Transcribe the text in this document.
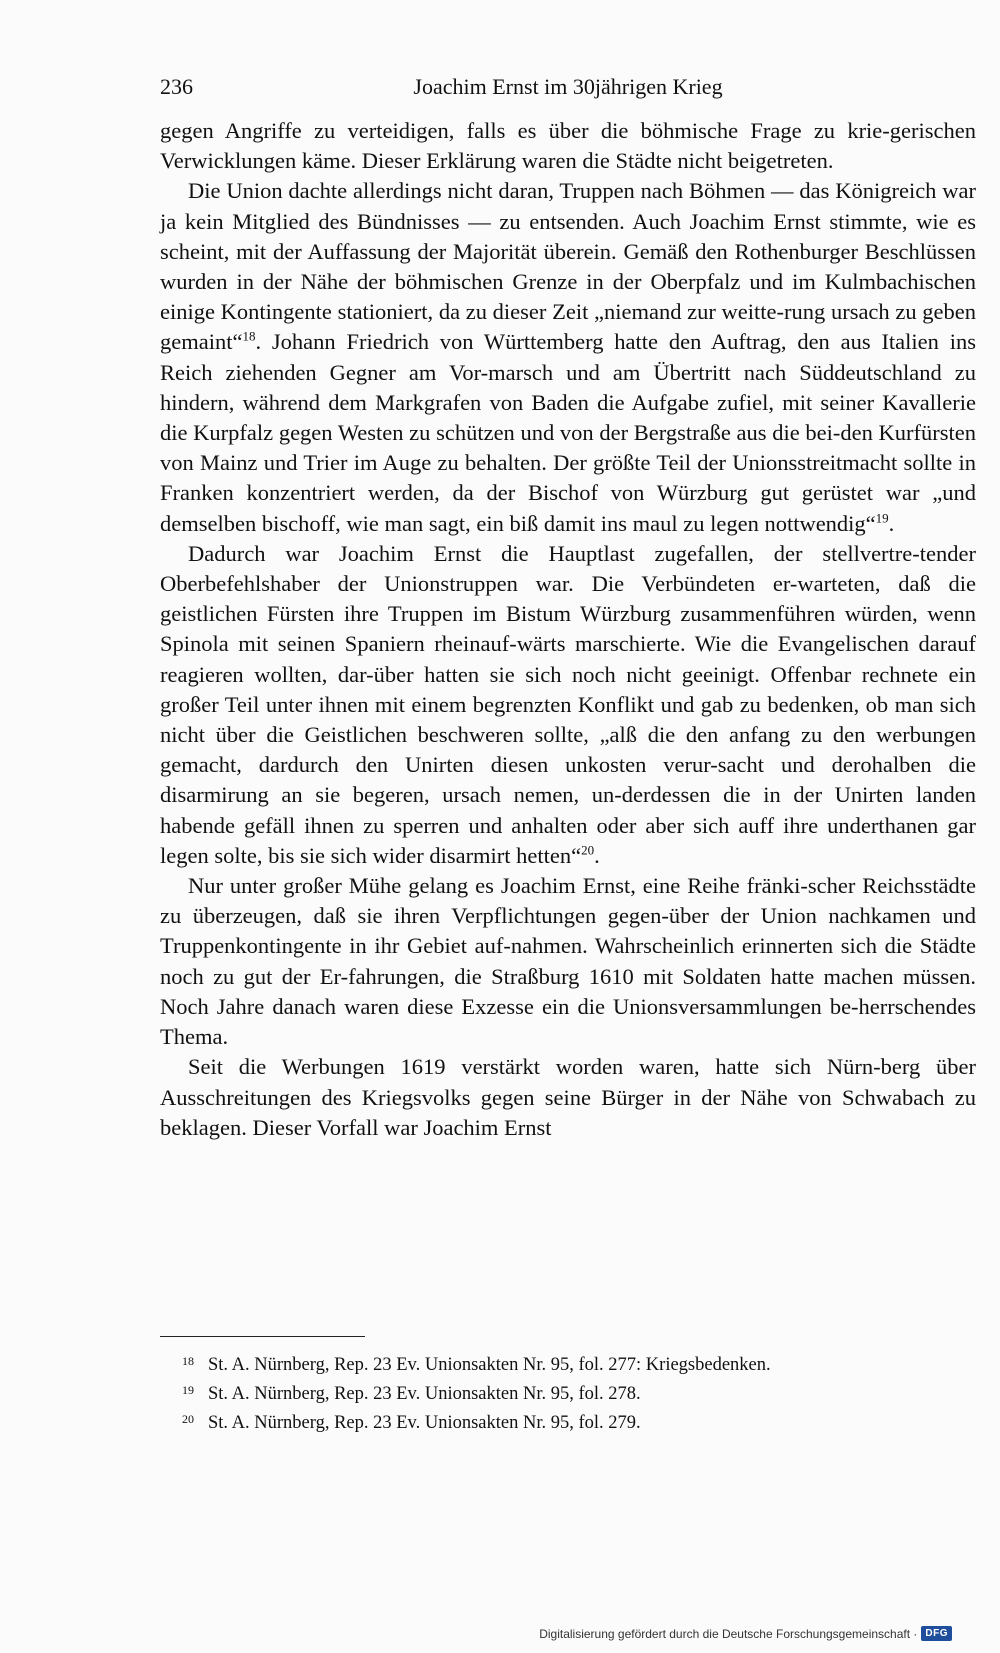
236	Joachim Ernst im 30jährigen Krieg

gegen Angriffe zu verteidigen, falls es über die böhmische Frage zu krie-gerischen Verwicklungen käme. Dieser Erklärung waren die Städte nicht beigetreten.

Die Union dachte allerdings nicht daran, Truppen nach Böhmen — das Königreich war ja kein Mitglied des Bündnisses — zu entsenden. Auch Joachim Ernst stimmte, wie es scheint, mit der Auffassung der Majorität überein. Gemäß den Rothenburger Beschlüssen wurden in der Nähe der böhmischen Grenze in der Oberpfalz und im Kulmbachischen einige Kontingente stationiert, da zu dieser Zeit „niemand zur weitte-rung ursach zu geben gemaint“$^{18}$. Johann Friedrich von Württemberg hatte den Auftrag, den aus Italien ins Reich ziehenden Gegner am Vor-marsch und am Übertritt nach Süddeutschland zu hindern, während dem Markgrafen von Baden die Aufgabe zufiel, mit seiner Kavallerie die Kurpfalz gegen Westen zu schützen und von der Bergstraße aus die bei-den Kurfürsten von Mainz und Trier im Auge zu behalten. Der größte Teil der Unionsstreitmacht sollte in Franken konzentriert werden, da der Bischof von Würzburg gut gerüstet war „und demselben bischoff, wie man sagt, ein biß damit ins maul zu legen nottwendig“$^{19}$.

Dadurch war Joachim Ernst die Hauptlast zugefallen, der stellvertre-tender Oberbefehlshaber der Unionstruppen war. Die Verbündeten er-warteten, daß die geistlichen Fürsten ihre Truppen im Bistum Würzburg zusammenführen würden, wenn Spinola mit seinen Spaniern rheinauf-wärts marschierte. Wie die Evangelischen darauf reagieren wollten, dar-über hatten sie sich noch nicht geeinigt. Offenbar rechnete ein großer Teil unter ihnen mit einem begrenzten Konflikt und gab zu bedenken, ob man sich nicht über die Geistlichen beschweren sollte, „alß die den anfang zu den werbungen gemacht, dardurch den Unirten diesen unkosten verur-sacht und derohalben die disarmirung an sie begeren, ursach nemen, un-derdessen die in der Unirten landen habende gefäll ihnen zu sperren und anhalten oder aber sich auff ihre underthanen gar legen solte, bis sie sich wider disarmirt hetten“$^{20}$.

Nur unter großer Mühe gelang es Joachim Ernst, eine Reihe fränki-scher Reichsstädte zu überzeugen, daß sie ihren Verpflichtungen gegen-über der Union nachkamen und Truppenkontingente in ihr Gebiet auf-nahmen. Wahrscheinlich erinnerten sich die Städte noch zu gut der Er-fahrungen, die Straßburg 1610 mit Soldaten hatte machen müssen. Noch Jahre danach waren diese Exzesse ein die Unionsversammlungen be-herrschendes Thema.

Seit die Werbungen 1619 verstärkt worden waren, hatte sich Nürn-berg über Ausschreitungen des Kriegsvolks gegen seine Bürger in der Nähe von Schwabach zu beklagen. Dieser Vorfall war Joachim Ernst

18 St. A. Nürnberg, Rep. 23 Ev. Unionsakten Nr. 95, fol. 277: Kriegsbedenken.
19 St. A. Nürnberg, Rep. 23 Ev. Unionsakten Nr. 95, fol. 278.
20 St. A. Nürnberg, Rep. 23 Ev. Unionsakten Nr. 95, fol. 279.
Digitalisierung gefördert durch die Deutsche Forschungsgemeinschaft · DFG
